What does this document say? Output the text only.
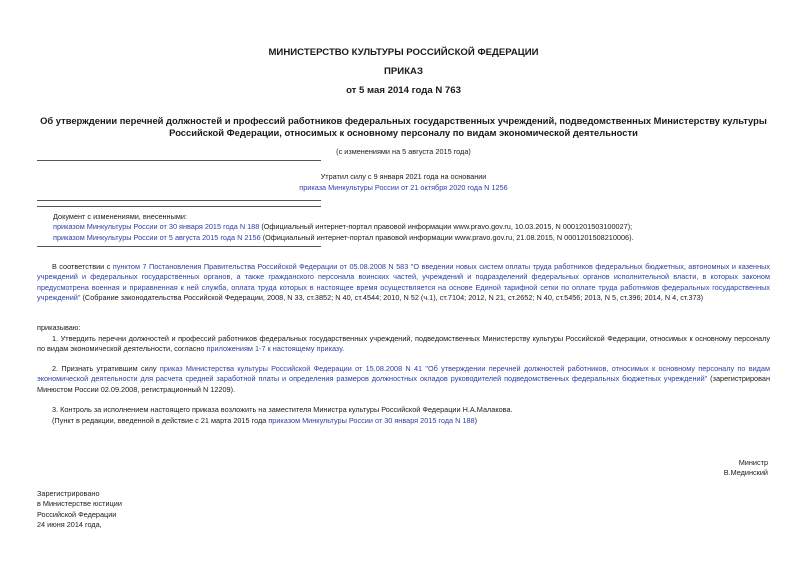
МИНИСТЕРСТВО КУЛЬТУРЫ РОССИЙСКОЙ ФЕДЕРАЦИИ
ПРИКАЗ
от 5 мая 2014 года N 763
Об утверждении перечней должностей и профессий работников федеральных государственных учреждений, подведомственных Министерству культуры
Российской Федерации, относимых к основному персоналу по видам экономической деятельности
(с изменениями на 5 августа 2015 года)
Утратил силу с 9 января 2021 года на основании
приказа Минкультуры России от 21 октября 2020 года N 1256
Документ с изменениями, внесенными:
приказом Минкультуры России от 30 января 2015 года N 188 (Официальный интернет-портал правовой информации www.pravo.gov.ru, 10.03.2015, N 0001201503100027);
приказом Минкультуры России от 5 августа 2015 года N 2156 (Официальный интернет-портал правовой информации www.pravo.gov.ru, 21.08.2015, N 0001201508210006).
В соответствии с пунктом 7 Постановления Правительства Российской Федерации от 05.08.2008 N 583 "О введении новых систем оплаты труда работников федеральных бюджетных, автономных и казенных учреждений и федеральных государственных органов, а также гражданского персонала воинских частей, учреждений и подразделений федеральных органов исполнительной власти, в которых законом предусмотрена военная и приравненная к ней служба, оплата труда которых в настоящее время осуществляется на основе Единой тарифной сетки по оплате труда работников федеральных государственных учреждений" (Собрание законодательства Российской Федерации, 2008, N 33, ст.3852; N 40, ст.4544; 2010, N 52 (ч.1), ст.7104; 2012, N 21, ст.2652; N 40, ст.5456; 2013, N 5, ст.396; 2014, N 4, ст.373)
приказываю:
1. Утвердить перечни должностей и профессий работников федеральных государственных учреждений, подведомственных Министерству культуры Российской Федерации, относимых к основному персоналу по видам экономической деятельности, согласно приложениям 1-7 к настоящему приказу.
2. Признать утратившим силу приказ Министерства культуры Российской Федерации от 15.08.2008 N 41 "Об утверждении перечней должностей работников, относимых к основному персоналу по видам экономической деятельности для расчета средней заработной платы и определения размеров должностных окладов руководителей подведомственных федеральных бюджетных учреждений" (зарегистрирован Минюстом России 02.09.2008, регистрационный N 12209).
3. Контроль за исполнением настоящего приказа возложить на заместителя Министра культуры Российской Федерации Н.А.Малакова.
(Пункт в редакции, введенной в действие с 21 марта 2015 года приказом Минкультуры России от 30 января 2015 года N 188)
Министр
В.Мединский
Зарегистрировано
в Министерстве юстиции
Российской Федерации
24 июня 2014 года,
